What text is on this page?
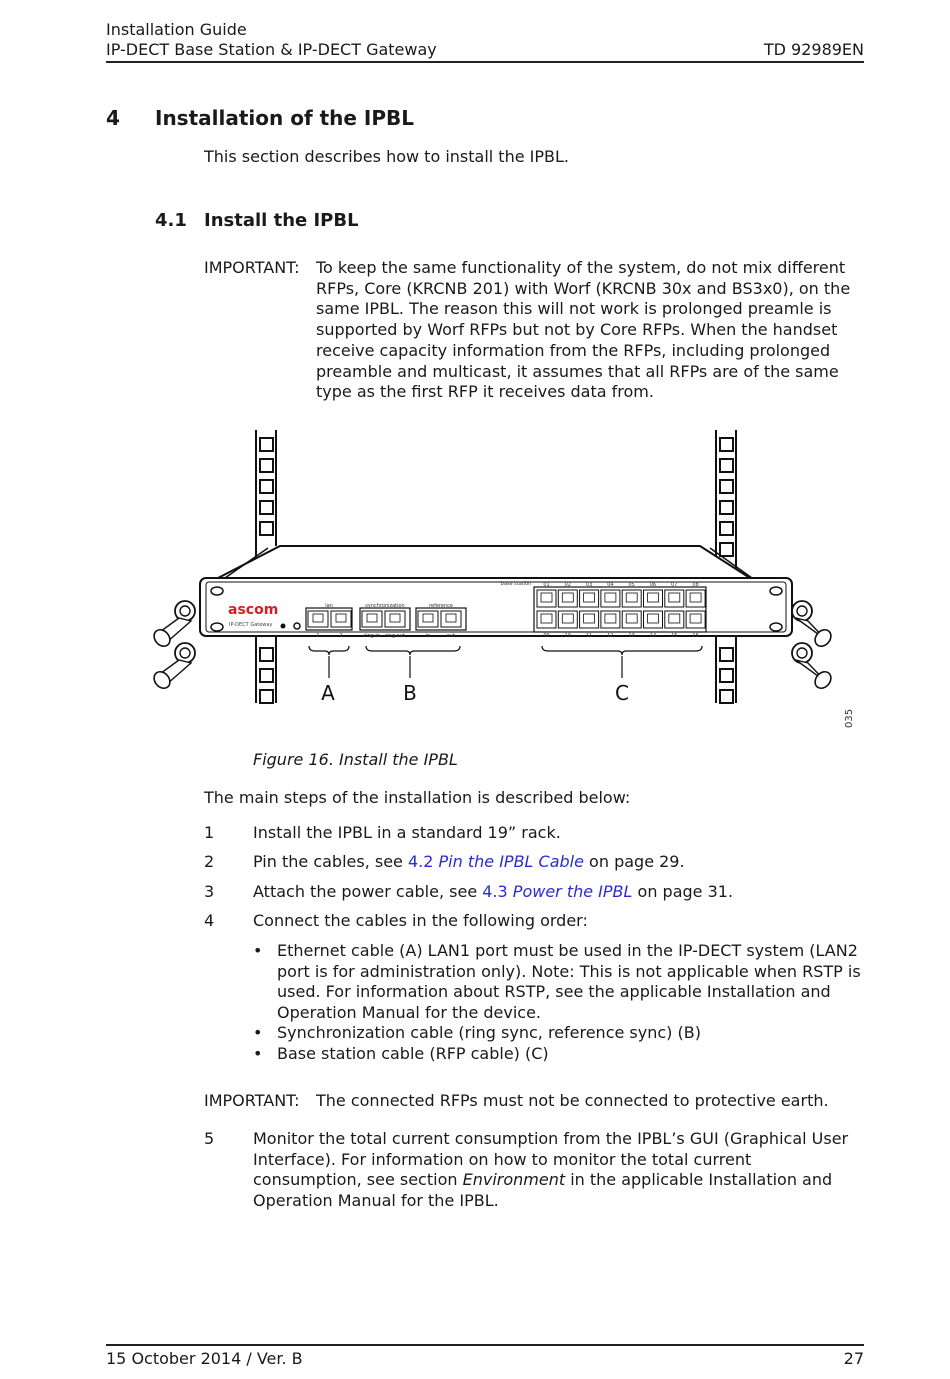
Installation Guide
IP-DECT Base Station & IP-DECT Gateway	TD 92989EN
4 Installation of the IPBL
This section describes how to install the IPBL.
4.1 Install the IPBL
IMPORTANT: To keep the same functionality of the system, do not mix different RFPs, Core (KRCNB 201) with Worf (KRCNB 30x and BS3x0), on the same IPBL. The reason this will not work is prolonged preamle is supported by Worf RFPs but not by Core RFPs. When the handset receive capacity information from the RFPs, including prolonged preamble and multicast, it assumes that all RFPs are of the same type as the first RFP it receives data from.
ascom
IP-DECT Gateway
lan	synchronization	reference
1	2	ring in ring out	in	out
base station 01	02	03	04	05	06	07	08
09	10	11	12	13	14	15	16
A	B	C
035
Figure 16. Install the IPBL
The main steps of the installation is described below:
1 Install the IPBL in a standard 19” rack.
2 Pin the cables, see 4.2 Pin the IPBL Cable on page 29.
3 Attach the power cable, see 4.3 Power the IPBL on page 31.
4 Connect the cables in the following order:
• Ethernet cable (A) LAN1 port must be used in the IP-DECT system (LAN2 port is for administration only). Note: This is not applicable when RSTP is used. For information about RSTP, see the applicable Installation and Operation Manual for the device.
• Synchronization cable (ring sync, reference sync) (B)
• Base station cable (RFP cable) (C)
IMPORTANT: The connected RFPs must not be connected to protective earth.
5 Monitor the total current consumption from the IPBL’s GUI (Graphical User Interface). For information on how to monitor the total current consumption, see section Environment in the applicable Installation and Operation Manual for the IPBL.
15 October 2014 / Ver. B	27
